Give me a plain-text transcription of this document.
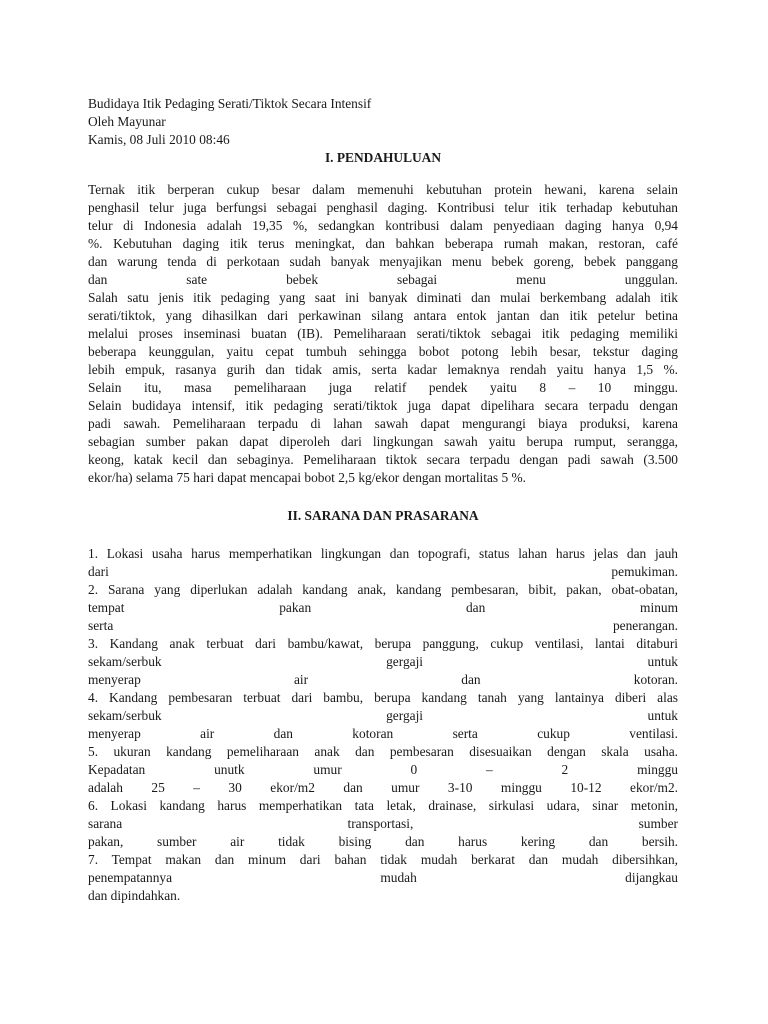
Budidaya Itik Pedaging Serati/Tiktok Secara Intensif
Oleh Mayunar
Kamis, 08 Juli 2010 08:46
I. PENDAHULUAN
Ternak itik berperan cukup besar dalam memenuhi kebutuhan protein hewani, karena selain
penghasil telur juga berfungsi sebagai penghasil daging. Kontribusi telur itik terhadap kebutuhan
telur di Indonesia adalah 19,35 %, sedangkan kontribusi dalam penyediaan daging hanya 0,94
%. Kebutuhan daging itik terus meningkat, dan bahkan beberapa rumah makan, restoran, café
dan warung tenda di perkotaan sudah banyak menyajikan menu bebek goreng, bebek panggang
dan sate bebek sebagai menu unggulan.
Salah satu jenis itik pedaging yang saat ini banyak diminati dan mulai berkembang adalah itik
serati/tiktok, yang dihasilkan dari perkawinan silang antara entok jantan dan itik petelur betina
melalui proses inseminasi buatan (IB). Pemeliharaan serati/tiktok sebagai itik pedaging memiliki
beberapa keunggulan, yaitu cepat tumbuh sehingga bobot potong lebih besar, tekstur daging
lebih empuk, rasanya gurih dan tidak amis, serta kadar lemaknya rendah yaitu hanya 1,5 %.
Selain itu, masa pemeliharaan juga relatif pendek yaitu 8 – 10 minggu.
Selain budidaya intensif, itik pedaging serati/tiktok juga dapat dipelihara secara terpadu dengan
padi sawah. Pemeliharaan terpadu di lahan sawah dapat mengurangi biaya produksi, karena
sebagian sumber pakan dapat diperoleh dari lingkungan sawah yaitu berupa rumput, serangga,
keong, katak kecil dan sebaginya. Pemeliharaan tiktok secara terpadu dengan padi sawah (3.500
ekor/ha) selama 75 hari dapat mencapai bobot 2,5 kg/ekor dengan mortalitas 5 %.
II. SARANA DAN PRASARANA
1. Lokasi usaha harus memperhatikan lingkungan dan topografi, status lahan harus jelas dan jauh
dari pemukiman.
2. Sarana yang diperlukan adalah kandang anak, kandang pembesaran, bibit, pakan, obat-obatan,
tempat pakan dan minum
serta penerangan.
3. Kandang anak terbuat dari bambu/kawat, berupa panggung, cukup ventilasi, lantai ditaburi
sekam/serbuk gergaji untuk
menyerap air dan kotoran.
4. Kandang pembesaran terbuat dari bambu, berupa kandang tanah yang lantainya diberi alas
sekam/serbuk gergaji untuk
menyerap air dan kotoran serta cukup ventilasi.
5. ukuran kandang pemeliharaan anak dan pembesaran disesuaikan dengan skala usaha.
Kepadatan unutk umur 0 – 2 minggu
adalah 25 – 30 ekor/m2 dan umur 3-10 minggu 10-12 ekor/m2.
6. Lokasi kandang harus memperhatikan tata letak, drainase, sirkulasi udara, sinar metonin,
sarana transportasi, sumber
pakan, sumber air tidak bising dan harus kering dan bersih.
7. Tempat makan dan minum dari bahan tidak mudah berkarat dan mudah dibersihkan,
penempatannya mudah dijangkau
dan dipindahkan.
